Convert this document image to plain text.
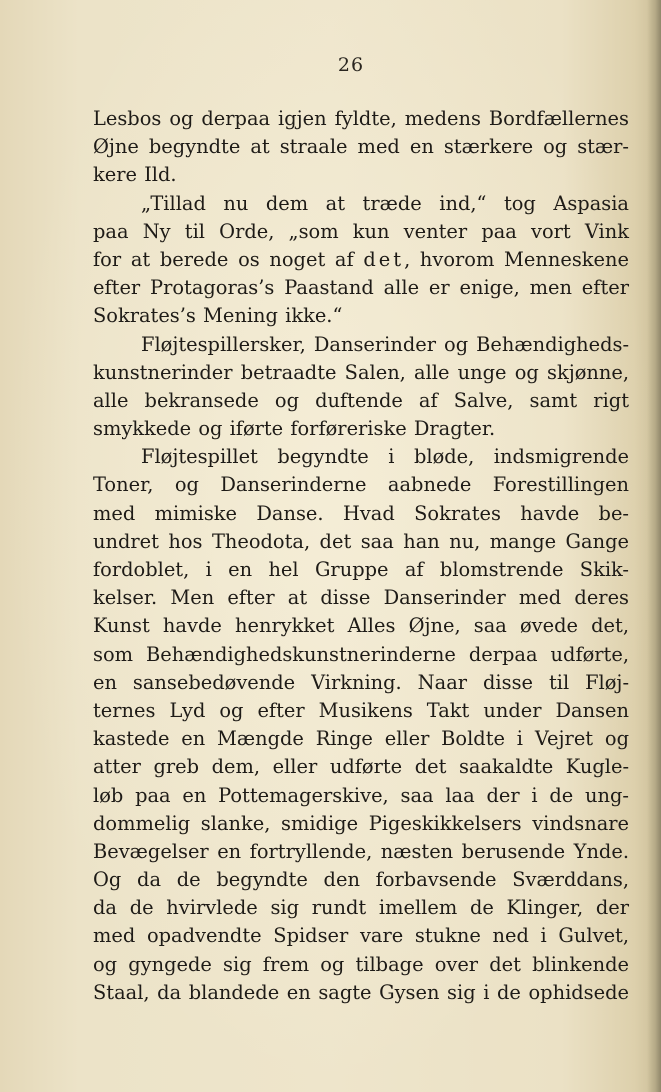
26
Lesbos og derpaa igjen fyldte, medens Bordfællernes
Øjne begyndte at straale med en stærkere og stær-
kere Ild.
„Tillad nu dem at træde ind,“ tog Aspasia
paa Ny til Orde, „som kun venter paa vort Vink
for at berede os noget af det, hvorom Menneskene
efter Protagoras’s Paastand alle er enige, men efter
Sokrates’s Mening ikke.“
Fløjtespillersker, Danserinder og Behændigheds-
kunstnerinder betraadte Salen, alle unge og skjønne,
alle bekransede og duftende af Salve, samt rigt
smykkede og iførte forføreriske Dragter.
Fløjtespillet begyndte i bløde, indsmigrende
Toner, og Danserinderne aabnede Forestillingen
med mimiske Danse. Hvad Sokrates havde be-
undret hos Theodota, det saa han nu, mange Gange
fordoblet, i en hel Gruppe af blomstrende Skik-
kelser. Men efter at disse Danserinder med deres
Kunst havde henrykket Alles Øjne, saa øvede det,
som Behændighedskunstnerinderne derpaa udførte,
en sansebedøvende Virkning. Naar disse til Fløj-
ternes Lyd og efter Musikens Takt under Dansen
kastede en Mængde Ringe eller Boldte i Vejret og
atter greb dem, eller udførte det saakaldte Kugle-
løb paa en Pottemagerskive, saa laa der i de ung-
dommelig slanke, smidige Pigeskikkelsers vindsnare
Bevægelser en fortryllende, næsten berusende Ynde.
Og da de begyndte den forbavsende Sværddans,
da de hvirvlede sig rundt imellem de Klinger, der
med opadvendte Spidser vare stukne ned i Gulvet,
og gyngede sig frem og tilbage over det blinkende
Staal, da blandede en sagte Gysen sig i de ophidsede
